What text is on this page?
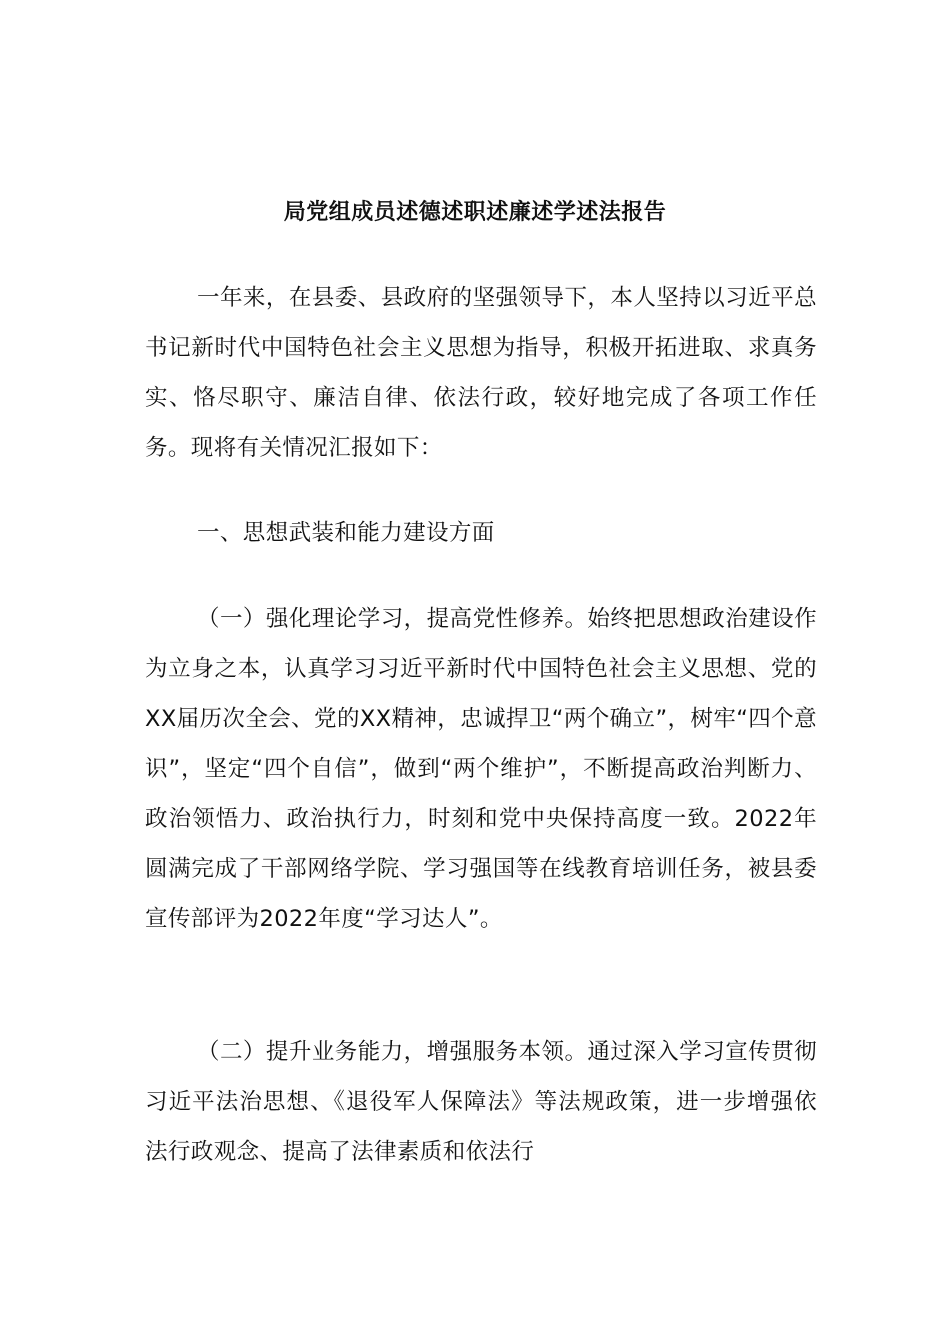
局党组成员述德述职述廉述学述法报告
一年来，在县委、县政府的坚强领导下，本人坚持以习近平总书记新时代中国特色社会主义思想为指导，积极开拓进取、求真务实、恪尽职守、廉洁自律、依法行政，较好地完成了各项工作任务。现将有关情况汇报如下：
一、思想武装和能力建设方面
（一）强化理论学习，提高党性修养。始终把思想政治建设作为立身之本，认真学习习近平新时代中国特色社会主义思想、党的XX届历次全会、党的XX精神，忠诚捍卫“两个确立”，树牢“四个意识”，坚定“四个自信”，做到“两个维护”，不断提高政治判断力、政治领悟力、政治执行力，时刻和党中央保持高度一致。2022年圆满完成了干部网络学院、学习强国等在线教育培训任务，被县委宣传部评为2022年度“学习达人”。
（二）提升业务能力，增强服务本领。通过深入学习宣传贯彻习近平法治思想、《退役军人保障法》等法规政策，进一步增强依法行政观念、提高了法律素质和依法行
